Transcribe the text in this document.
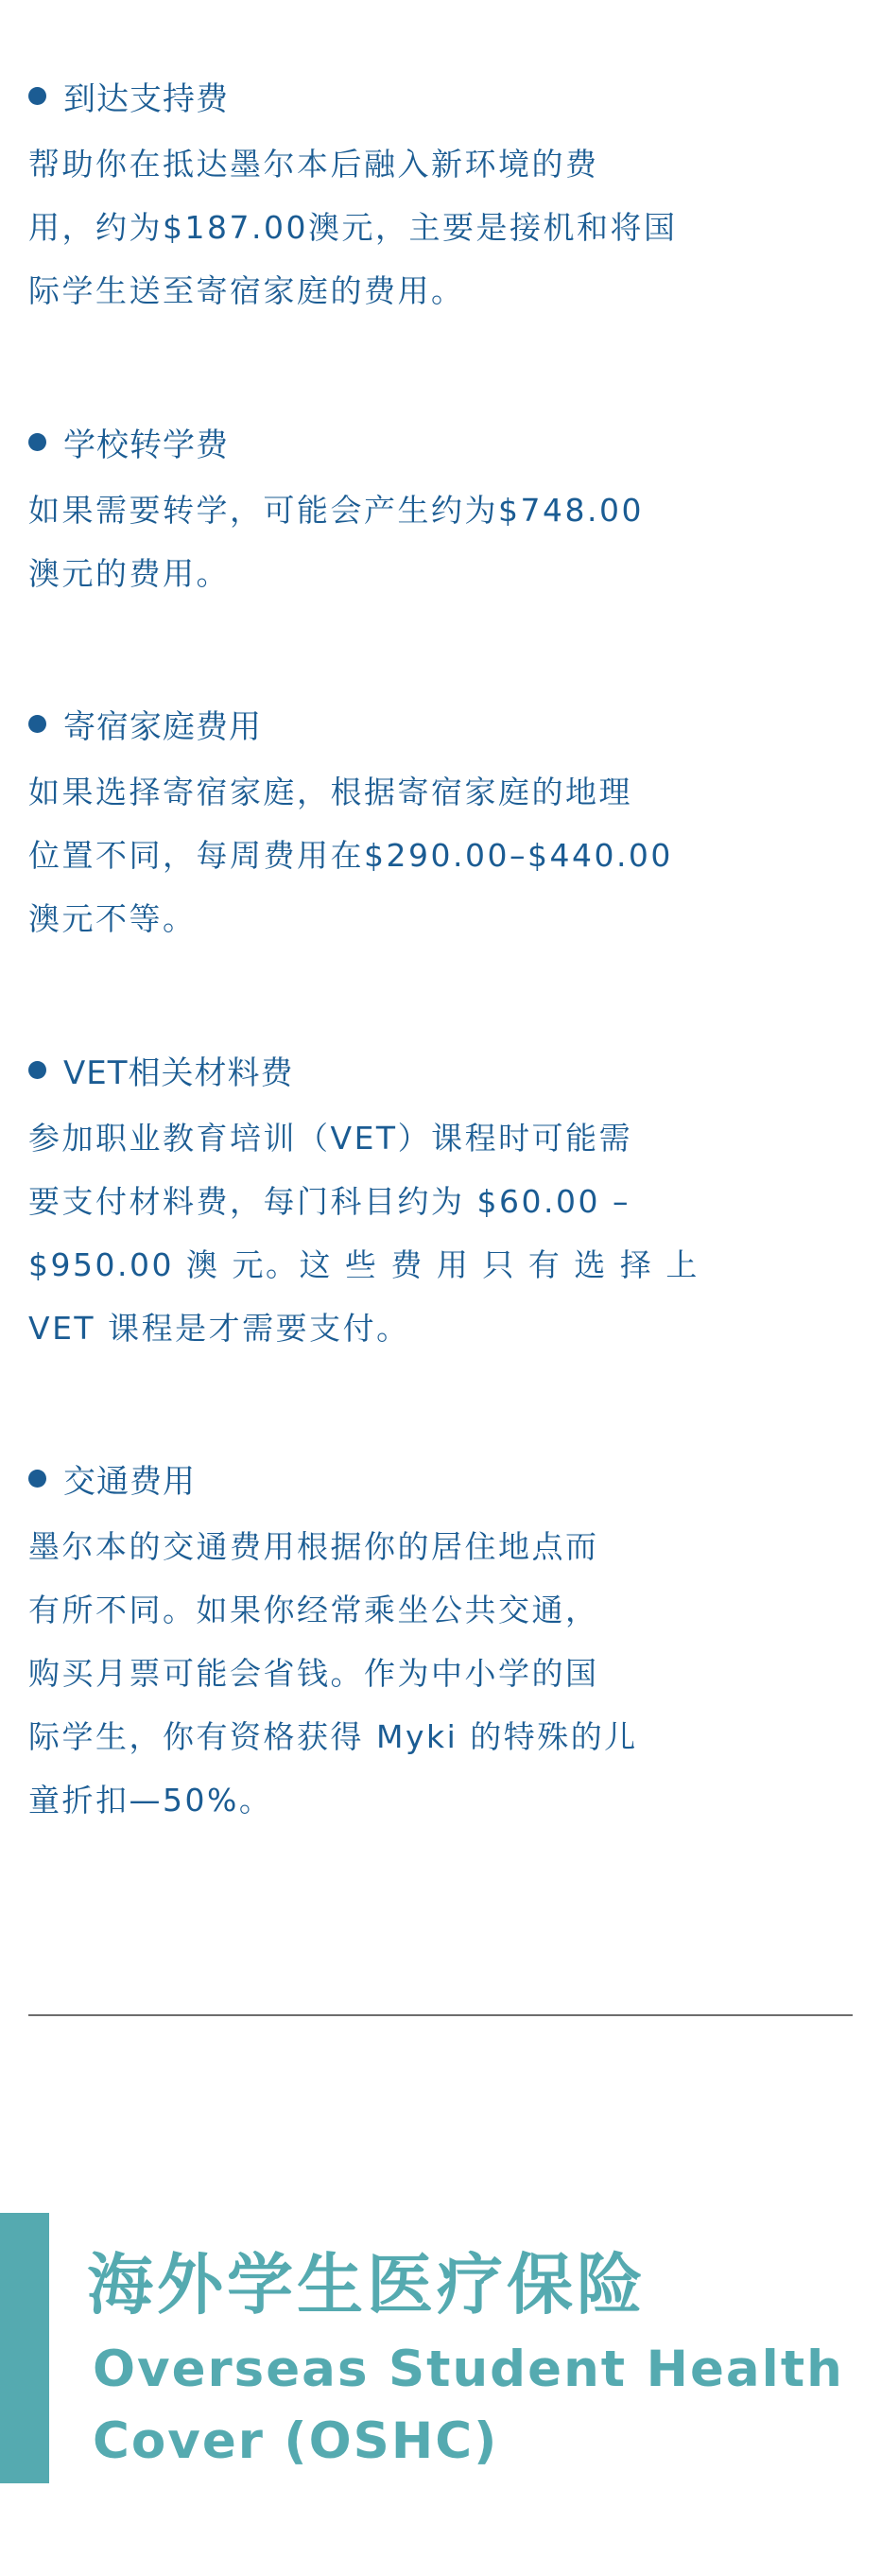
到达支持费
帮助你在抵达墨尔本后融入新环境的费
用，约为$187.00澳元，主要是接机和将国
际学生送至寄宿家庭的费用。
学校转学费
如果需要转学，可能会产生约为$748.00
澳元的费用。
寄宿家庭费用
如果选择寄宿家庭，根据寄宿家庭的地理
位置不同，每周费用在$290.00–$440.00
澳元不等。
VET相关材料费
参加职业教育培训（VET）课程时可能需
要支付材料费，每门科目约为 $60.00 –
$950.00 澳 元。这 些 费 用 只 有 选 择 上
VET 课程是才需要支付。
交通费用
墨尔本的交通费用根据你的居住地点而
有所不同。如果你经常乘坐公共交通，
购买月票可能会省钱。作为中小学的国
际学生，你有资格获得 Myki 的特殊的儿
童折扣—50%。
海外学生医疗保险
Overseas Student Health
Cover (OSHC)
